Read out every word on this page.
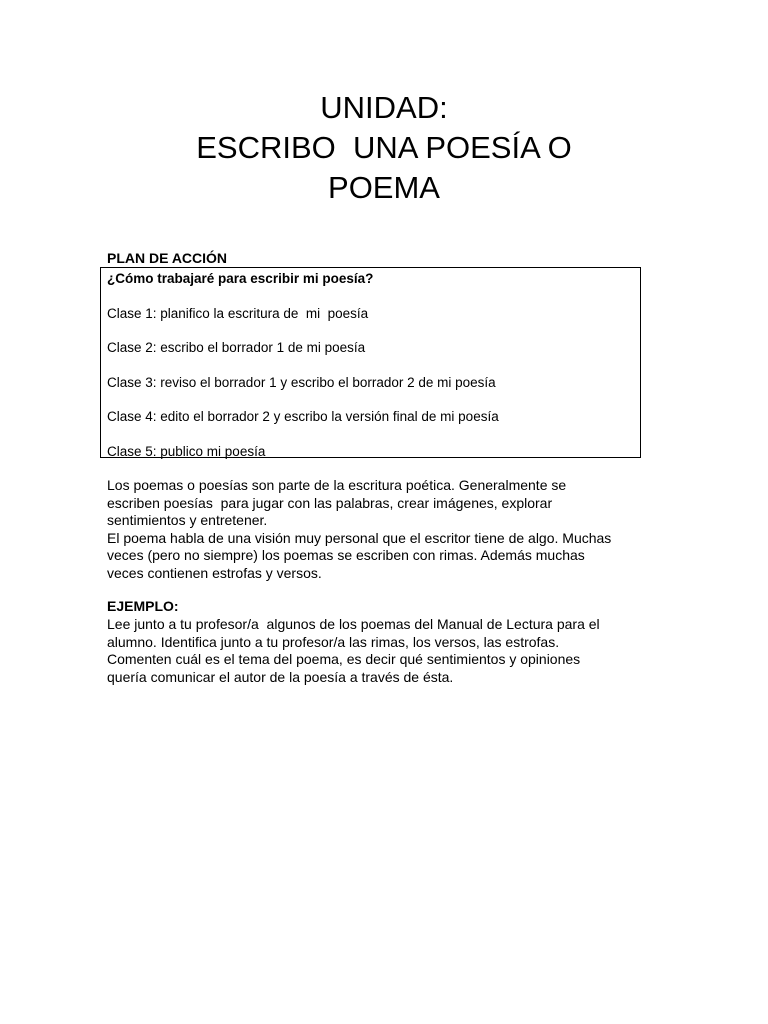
UNIDAD:
ESCRIBO  UNA POESÍA O
POEMA
PLAN DE ACCIÓN
¿Cómo trabajaré para escribir mi poesía?
Clase 1: planifico la escritura de  mi  poesía
Clase 2: escribo el borrador 1 de mi poesía
Clase 3: reviso el borrador 1 y escribo el borrador 2 de mi poesía
Clase 4: edito el borrador 2 y escribo la versión final de mi poesía
Clase 5: publico mi poesía
Los poemas o poesías son parte de la escritura poética. Generalmente se
escriben poesías  para jugar con las palabras, crear imágenes, explorar
sentimientos y entretener.
El poema habla de una visión muy personal que el escritor tiene de algo. Muchas
veces (pero no siempre) los poemas se escriben con rimas. Además muchas
veces contienen estrofas y versos.
EJEMPLO:
Lee junto a tu profesor/a  algunos de los poemas del Manual de Lectura para el
alumno. Identifica junto a tu profesor/a las rimas, los versos, las estrofas.
Comenten cuál es el tema del poema, es decir qué sentimientos y opiniones
quería comunicar el autor de la poesía a través de ésta.
